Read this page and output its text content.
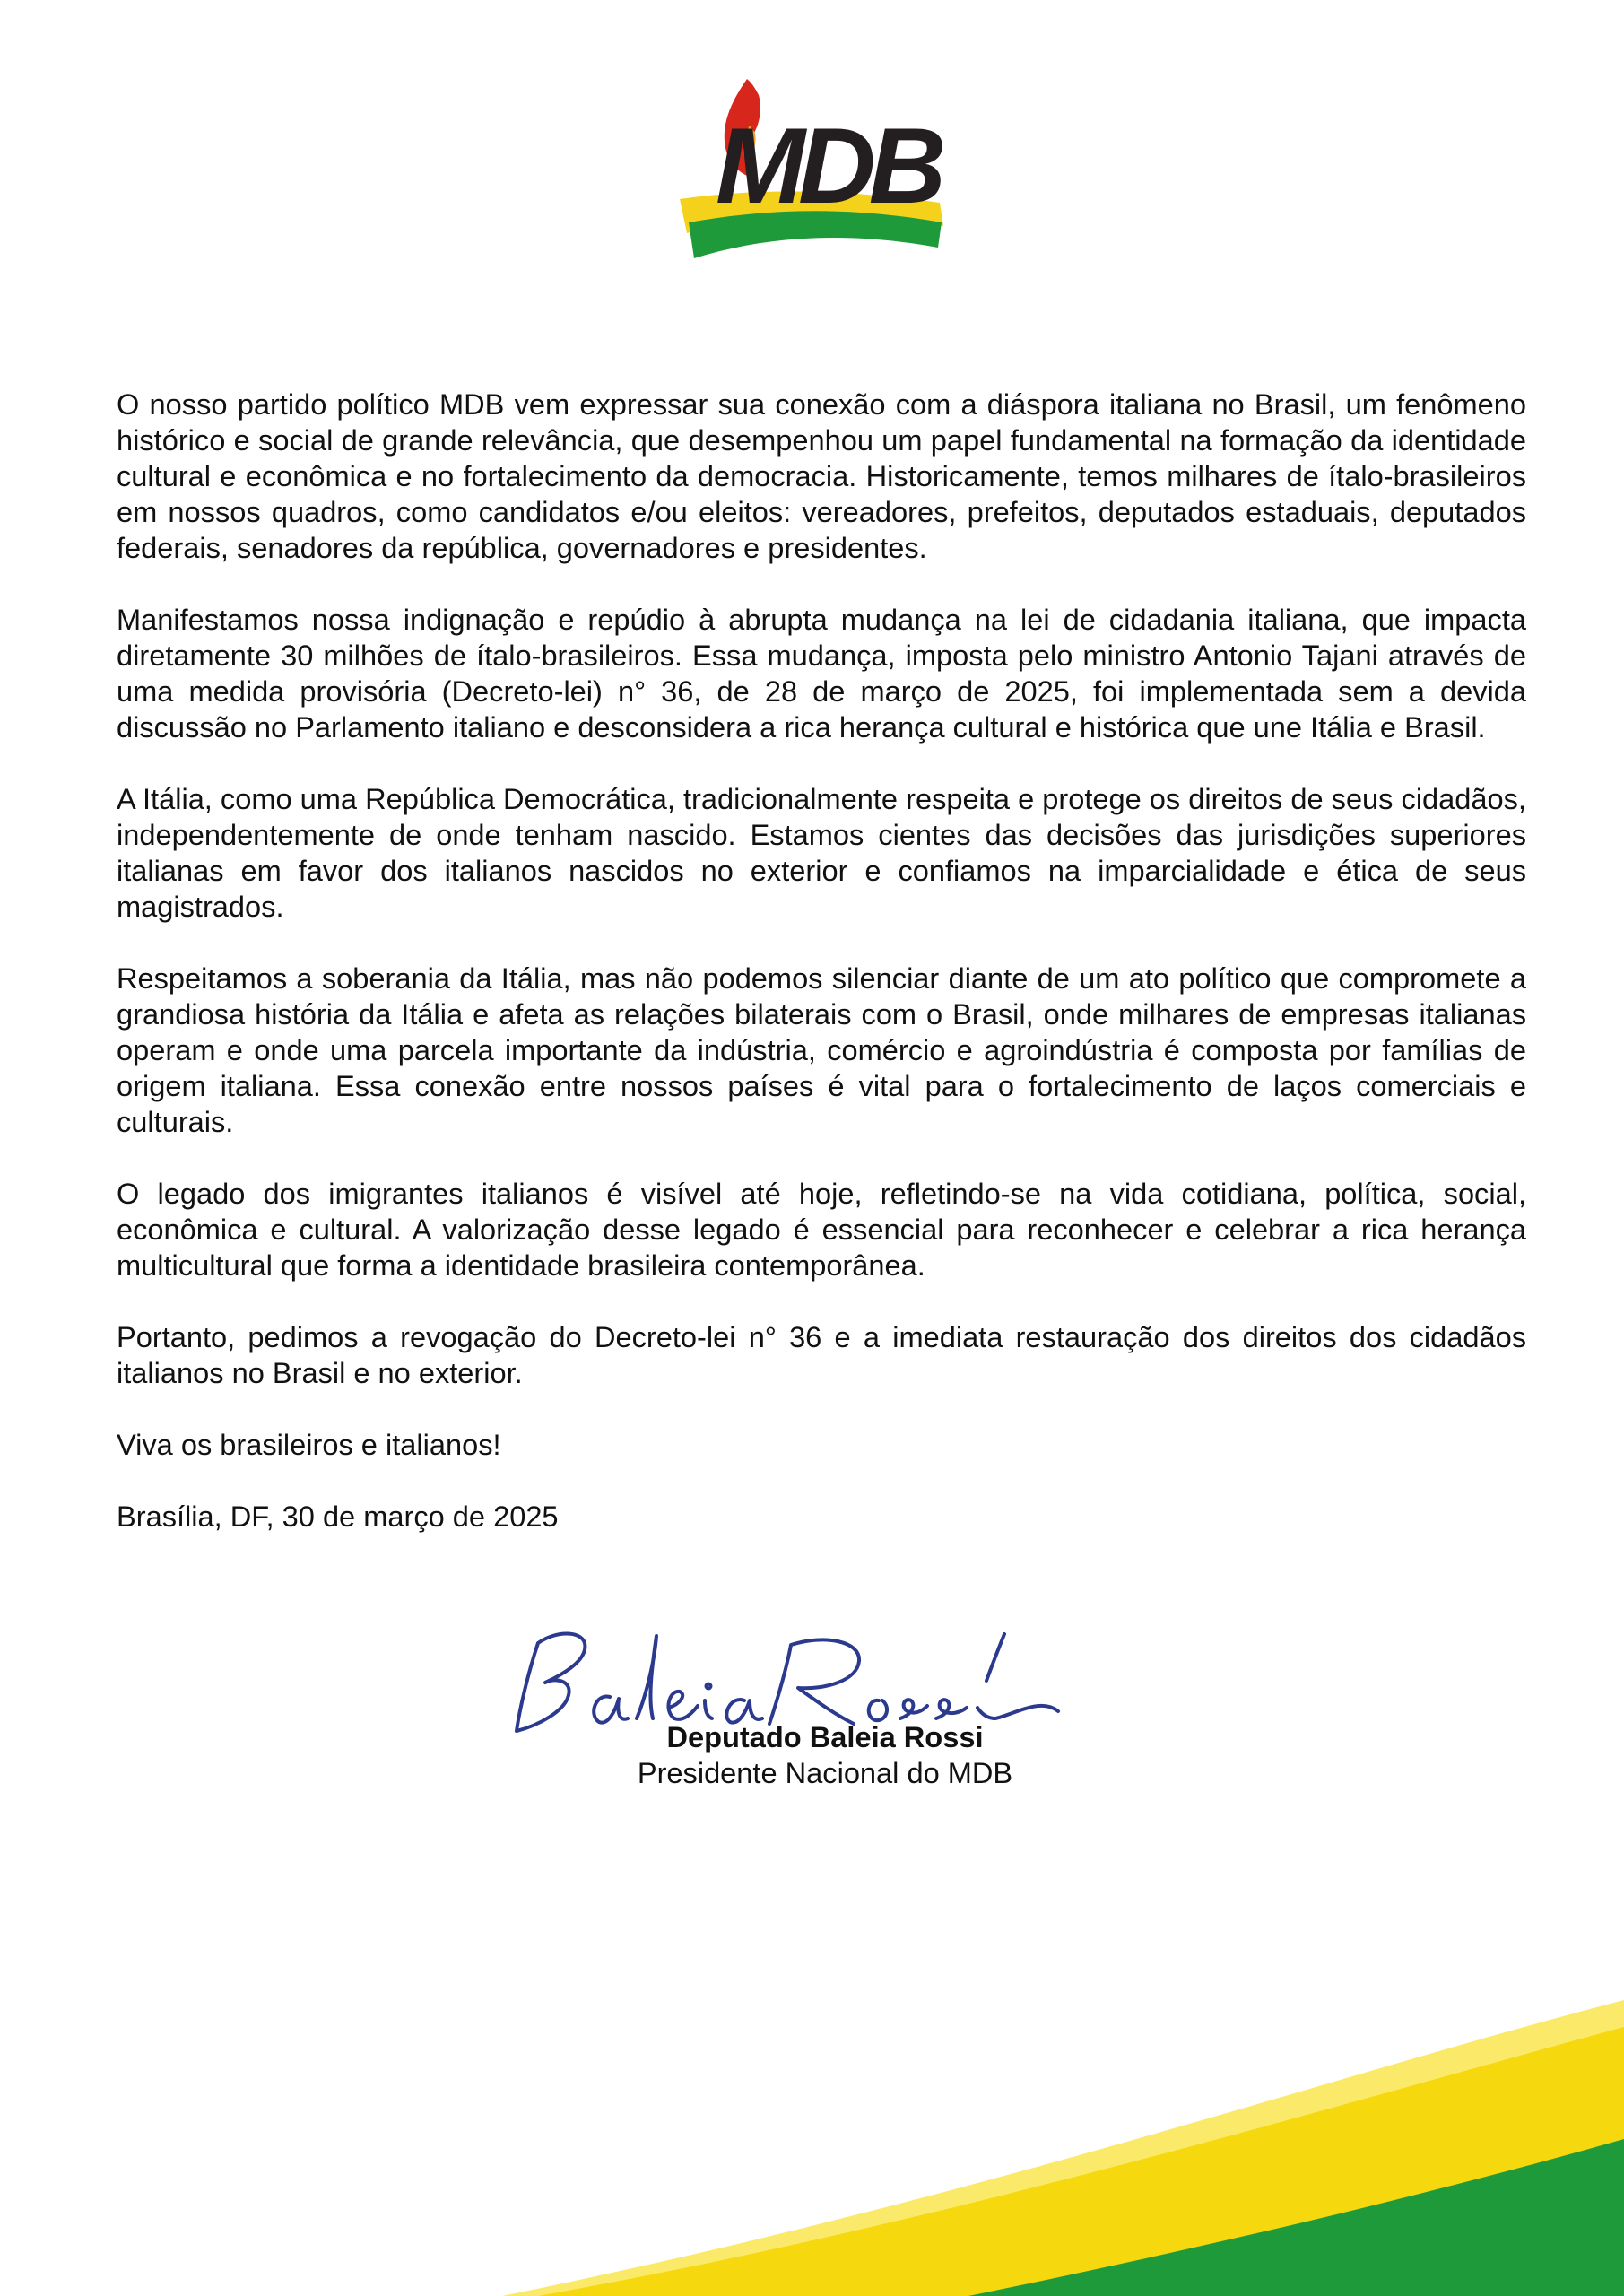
MDB

O nosso partido político MDB vem expressar sua conexão com a diáspora italiana no Brasil, um fenômeno histórico e social de grande relevância, que desempenhou um papel fundamental na formação da identidade cultural e econômica e no fortalecimento da democracia. Historicamente, temos milhares de ítalo-brasileiros em nossos quadros, como candidatos e/ou eleitos: vereadores, prefeitos, deputados estaduais, deputados federais, senadores da república, governadores e presidentes.

Manifestamos nossa indignação e repúdio à abrupta mudança na lei de cidadania italiana, que impacta diretamente 30 milhões de ítalo-brasileiros. Essa mudança, imposta pelo ministro Antonio Tajani através de uma medida provisória (Decreto-lei) n° 36, de 28 de março de 2025, foi implementada sem a devida discussão no Parlamento italiano e desconsidera a rica herança cultural e histórica que une Itália e Brasil.

A Itália, como uma República Democrática, tradicionalmente respeita e protege os direitos de seus cidadãos, independentemente de onde tenham nascido. Estamos cientes das decisões das jurisdições superiores italianas em favor dos italianos nascidos no exterior e confiamos na imparcialidade e ética de seus magistrados.

Respeitamos a soberania da Itália, mas não podemos silenciar diante de um ato político que compromete a grandiosa história da Itália e afeta as relações bilaterais com o Brasil, onde milhares de empresas italianas operam e onde uma parcela importante da indústria, comércio e agroindústria é composta por famílias de origem italiana. Essa conexão entre nossos países é vital para o fortalecimento de laços comerciais e culturais.

O legado dos imigrantes italianos é visível até hoje, refletindo-se na vida cotidiana, política, social, econômica e cultural. A valorização desse legado é essencial para reconhecer e celebrar a rica herança multicultural que forma a identidade brasileira contemporânea.

Portanto, pedimos a revogação do Decreto-lei n° 36 e a imediata restauração dos direitos dos cidadãos italianos no Brasil e no exterior.

Viva os brasileiros e italianos!

Brasília, DF, 30 de março de 2025

Deputado Baleia Rossi
Presidente Nacional do MDB
